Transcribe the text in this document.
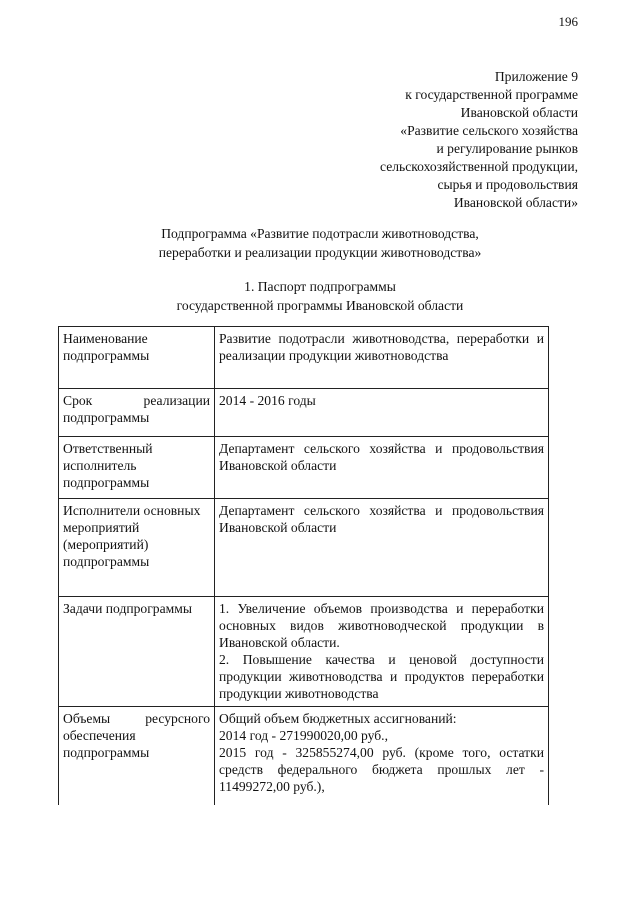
196
Приложение 9
к государственной программе
Ивановской области
«Развитие сельского хозяйства
и регулирование рынков
сельскохозяйственной продукции,
сырья и продовольствия
Ивановской области»
Подпрограмма «Развитие подотрасли животноводства,
переработки и реализации продукции животноводства»
1. Паспорт подпрограммы
государственной программы Ивановской области
Наименование подпрограммы	Развитие подотрасли животноводства, переработки и реализации продукции животноводства

Срок реализации подпрограммы	2014 - 2016 годы

Ответственный исполнитель подпрограммы	Департамент сельского хозяйства и продовольствия Ивановской области

Исполнители основных мероприятий (мероприятий) подпрограммы	Департамент сельского хозяйства и продовольствия Ивановской области

Задачи подпрограммы	1. Увеличение объемов производства и переработки основных видов животноводческой продукции в Ивановской области.
2. Повышение качества и ценовой доступности продукции животноводства и продуктов переработки продукции животноводства

Объемы ресурсного обеспечения подпрограммы	Общий объем бюджетных ассигнований:
2014 год - 271990020,00 руб.,
2015 год - 325855274,00 руб. (кроме того, остатки средств федерального бюджета прошлых лет - 11499272,00 руб.),
